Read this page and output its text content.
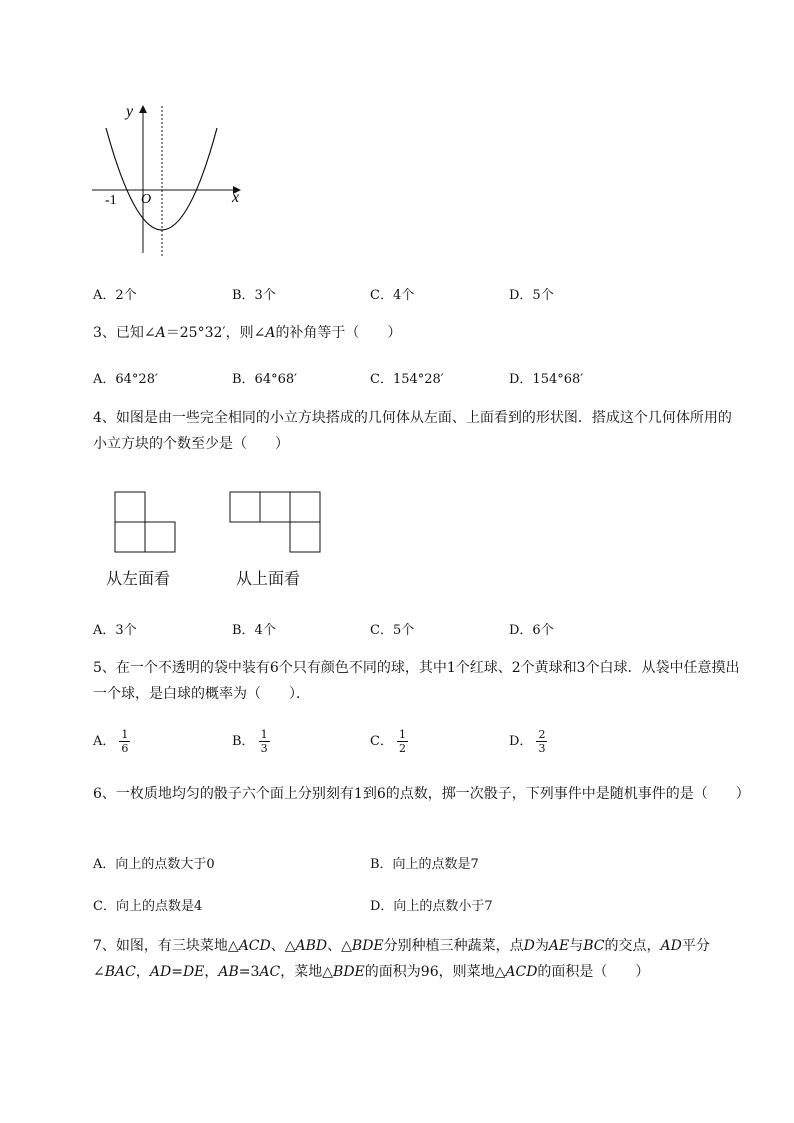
y
x
O
-1
A．2个	B．3个	C．4个	D．5个
3、已知∠A＝25°32′，则∠A的补角等于（　　）
A．64°28′	B．64°68′	C．154°28′	D．154°68′
4、如图是由一些完全相同的小立方块搭成的几何体从左面、上面看到的形状图．搭成这个几何体所用的小立方块的个数至少是（　　）
从左面看	从上面看
A．3个	B．4个	C．5个	D．6个
5、在一个不透明的袋中装有6个只有颜色不同的球，其中1个红球、2个黄球和3个白球．从袋中任意摸出一个球，是白球的概率为（　　）．
A． $\frac{1}{6}$	B． $\frac{1}{3}$	C． $\frac{1}{2}$	D． $\frac{2}{3}$
6、一枚质地均匀的骰子六个面上分别刻有1到6的点数，掷一次骰子，下列事件中是随机事件的是（　　）
A．向上的点数大于0	B．向上的点数是7
C．向上的点数是4	D．向上的点数小于7
7、如图，有三块菜地△ACD、△ABD、△BDE分别种植三种蔬菜，点D为AE与BC的交点，AD平分
∠BAC，AD=DE，AB=3AC，菜地△BDE的面积为96，则菜地△ACD的面积是（　　）
